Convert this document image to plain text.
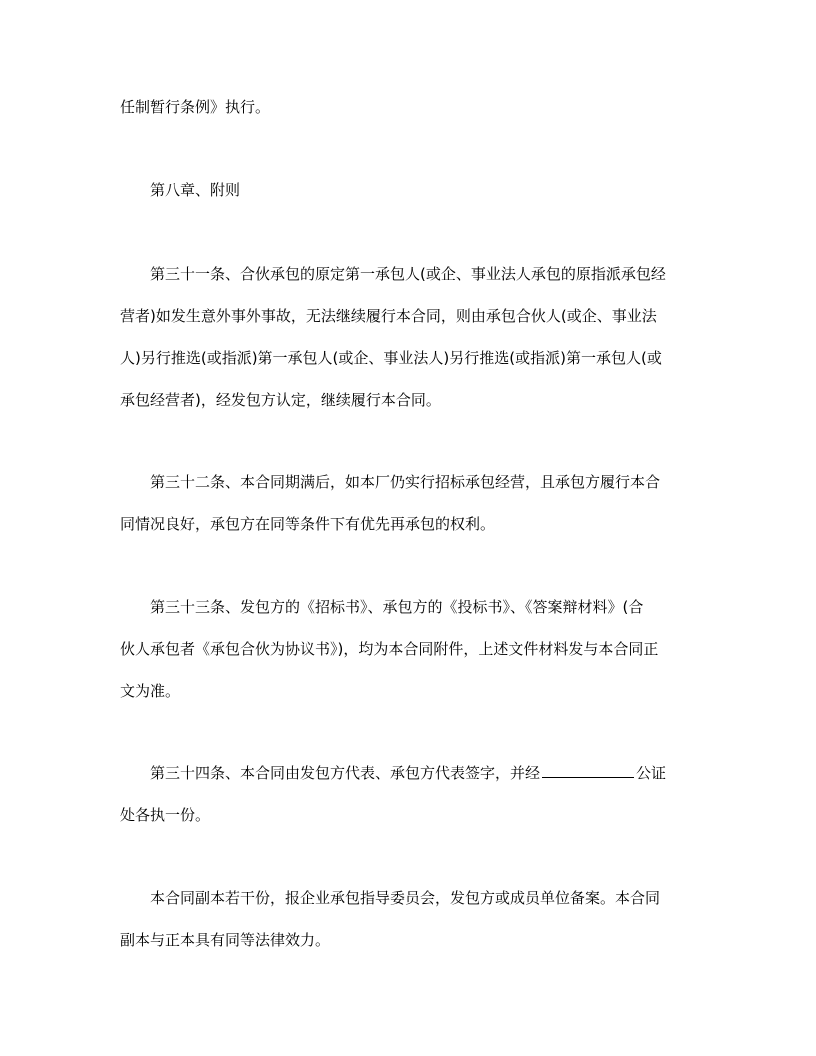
任制暂行条例》执行。
第八章、附则
第三十一条、合伙承包的原定第一承包人(或企、事业法人承包的原指派承包经
营者)如发生意外事外事故，无法继续履行本合同，则由承包合伙人(或企、事业法
人)另行推选(或指派)第一承包人(或企、事业法人)另行推选(或指派)第一承包人(或
承包经营者)，经发包方认定，继续履行本合同。
第三十二条、本合同期满后，如本厂仍实行招标承包经营，且承包方履行本合
同情况良好，承包方在同等条件下有优先再承包的权利。
第三十三条、发包方的《招标书》、承包方的《投标书》、《答案辩材料》(合
伙人承包者《承包合伙为协议书》)，均为本合同附件，上述文件材料发与本合同正
文为准。
第三十四条、本合同由发包方代表、承包方代表签字，并经	公证
处各执一份。
本合同副本若干份，报企业承包指导委员会，发包方或成员单位备案。本合同
副本与正本具有同等法律效力。
